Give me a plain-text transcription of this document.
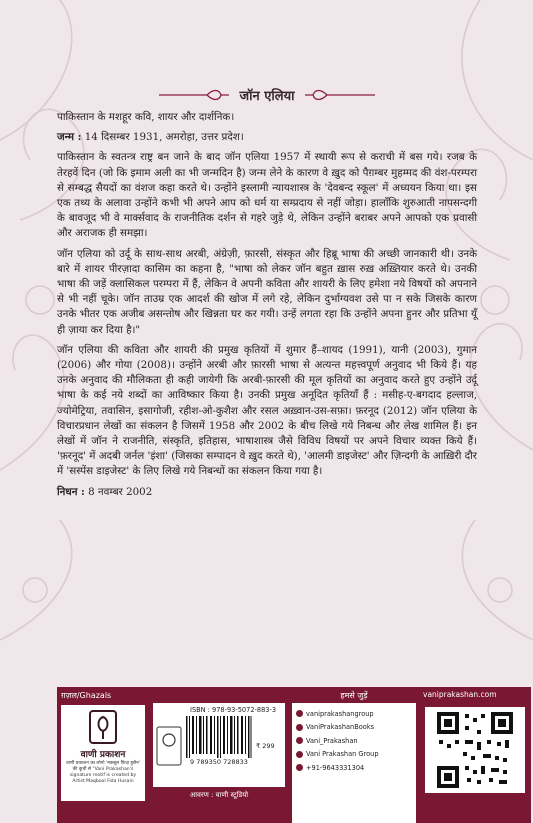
जॉन एलिया

पाकिस्तान के मशहूर कवि, शायर और दार्शनिक।

जन्म : 14 दिसम्बर 1931, अमरोहा, उत्तर प्रदेश।

पाकिस्तान के स्वतन्त्र राष्ट्र बन जाने के बाद जॉन एलिया 1957 में स्थायी रूप से कराची में बस गये। रजब के तेरहवें दिन (जो कि इमाम अली का भी जन्मदिन है) जन्म लेने के कारण वे ख़ुद को पैग़म्बर मुहम्मद की वंश-परम्परा से सम्बद्ध सैयदों का वंशज कहा करते थे। उन्होंने इस्लामी न्यायशास्त्र के 'देवबन्द स्कूल' में अध्ययन किया था। इस एक तथ्य के अलावा उन्होंने कभी भी अपने आप को धर्म या सम्प्रदाय से नहीं जोड़ा। हालाँकि शुरुआती नापसन्दगी के बावजूद भी वे मार्क्सवाद के राजनीतिक दर्शन से गहरे जुड़े थे, लेकिन उन्होंने बराबर अपने आपको एक प्रवासी और अराजक ही समझा।

जॉन एलिया को उर्दू के साथ-साथ अरबी, अंग्रेज़ी, फ़ारसी, संस्कृत और हिब्रू भाषा की अच्छी जानकारी थी। उनके बारे में शायर पीरज़ादा कासिम का कहना है, "भाषा को लेकर जॉन बहुत ख़ास रुख़ अख़्तियार करते थे। उनकी भाषा की जड़ें क्लासिकल परम्परा में हैं, लेकिन वे अपनी कविता और शायरी के लिए हमेशा नये विषयों को अपनाने से भी नहीं चूके। जॉन ताउम्र एक आदर्श की खोज में लगे रहे, लेकिन दुर्भाग्यवश उसे पा न सके जिसके कारण उनके भीतर एक अजीब असन्तोष और खिन्नता घर कर गयी। उन्हें लगता रहा कि उन्होंने अपना हुनर और प्रतिभा यूँ ही ज़ाया कर दिया है।"

जॉन एलिया की कविता और शायरी की प्रमुख कृतियों में शुमार हैं–शायद (1991), यानी (2003), गुमान (2006) और गोया (2008)। उन्होंने अरबी और फ़ारसी भाषा से अत्यन्त महत्त्वपूर्ण अनुवाद भी किये हैं। यह उनके अनुवाद की मौलिकता ही कही जायेगी कि अरबी-फ़ारसी की मूल कृतियों का अनुवाद करते हुए उन्होंने उर्दू भाषा के कई नये शब्दों का आविष्कार किया है। उनकी प्रमुख अनूदित कृतियाँ हैं : मसीह-ए-बगदाद हल्लाज, ज्योमेट्रिया, तवासिन, इसागोजी, रहीश-ओ-कुशैश और रसल अख़्वान-उस-सफ़ा। फ़रनूद (2012) जॉन एलिया के विचारप्रधान लेखों का संकलन है जिसमें 1958 और 2002 के बीच लिखे गये निबन्ध और लेख शामिल हैं। इन लेखों में जॉन ने राजनीति, संस्कृति, इतिहास, भाषाशास्त्र जैसे विविध विषयों पर अपने विचार व्यक्त किये हैं। 'फ़रनूद' में अदबी जर्नल 'इंशा' (जिसका सम्पादन वे ख़ुद करते थे), 'आलमी डाइजेस्ट' और ज़िन्दगी के आख़िरी दौर में 'सस्पेंस डाइजेस्ट' के लिए लिखे गये निबन्धों का संकलन किया गया है।

निधन : 8 नवम्बर 2002

ग़ज़ल/Ghazals
वाणी प्रकाशन
वाणी प्रकाशन का लोगो 'मकबूल फ़िदा हुसैन' की कूची से "Vani Prakashan's signature motif is created by Artist Maqbool Fida Husain
ISBN : 978-93-5072-883-3
9 789350 728833
₹ 299
आवरण : वाणी स्टूडियो
हमसे जुड़ें
vaniprakashangroup
VaniPrakashanBooks
Vani_Prakashan
Vani Prakashan Group
+91-9643331304
vaniprakashan.com
